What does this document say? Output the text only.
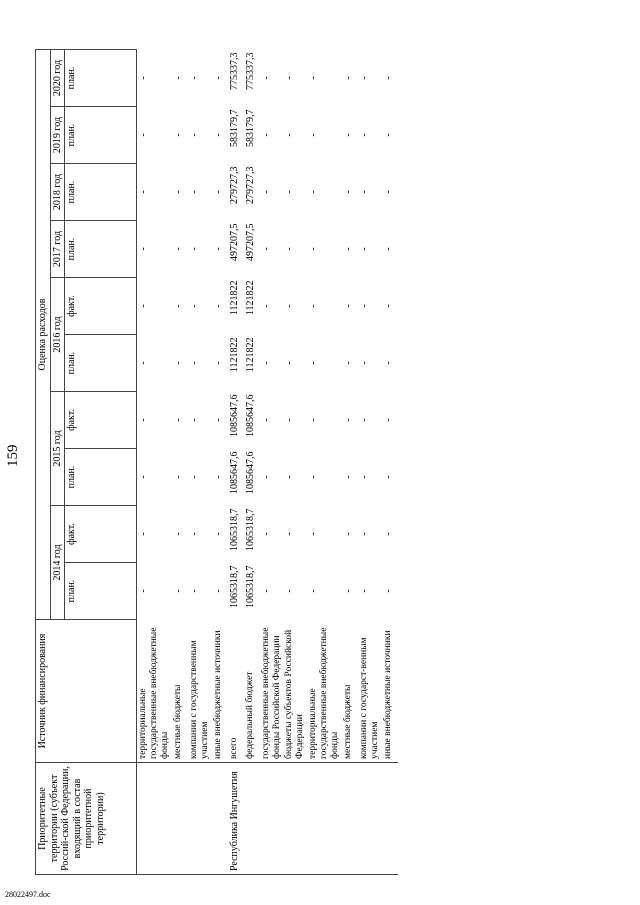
159
Приоритетные территории (субъект Россий-ской Федерации, входящий в состав приоритетной территории)	Источник финансирования	Оценка расходов									
		2014 год		2015 год		2016 год		2017 год	2018 год	2019 год	2020 год
		план.	факт.	план.	факт.	план.	факт.	план.	план.	план.	план.

	территориальные государственные внебюджетные фонды	-	-	-	-	-	-	-	-	-	-
	местные бюджеты	-	-	-	-	-	-	-	-	-	-
	компании с государственным участием	-	-	-	-	-	-	-	-	-	-
	иные внебюджетные источники	-	-	-	-	-	-	-	-	-	-
Республика Ингушетия	всего	1065318,7	1065318,7	1085647,6	1085647,6	1121822	1121822	497207,5	279727,3	583179,7	775337,3
	федеральный бюджет	1065318,7	1065318,7	1085647,6	1085647,6	1121822	1121822	497207,5	279727,3	583179,7	775337,3
	государственные внебюджетные фонды Российской Федерации	-	-	-	-	-	-	-	-	-	-
	бюджеты субъектов Российской Федерации	-	-	-	-	-	-	-	-	-	-
	территориальные государственные внебюджетные фонды	-	-	-	-	-	-	-	-	-	-
	местные бюджеты	-	-	-	-	-	-	-	-	-	-
	компании с государст-венным участием	-	-	-	-	-	-	-	-	-	-
	иные внебюджетные источники	-	-	-	-	-	-	-	-	-	-
28022497.doc
